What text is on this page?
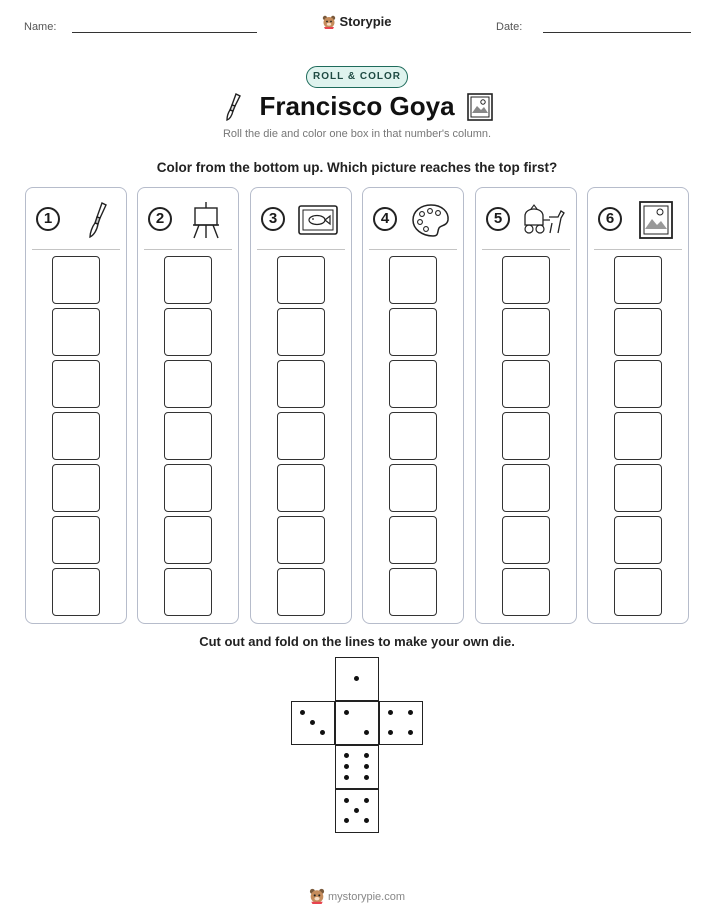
Name:	Storypie	Date:
ROLL & COLOR
Francisco Goya
Roll the die and color one box in that number's column.
Color from the bottom up. Which picture reaches the top first?
1	2	3	4	5	6
Cut out and fold on the lines to make your own die.
mystorypie.com
